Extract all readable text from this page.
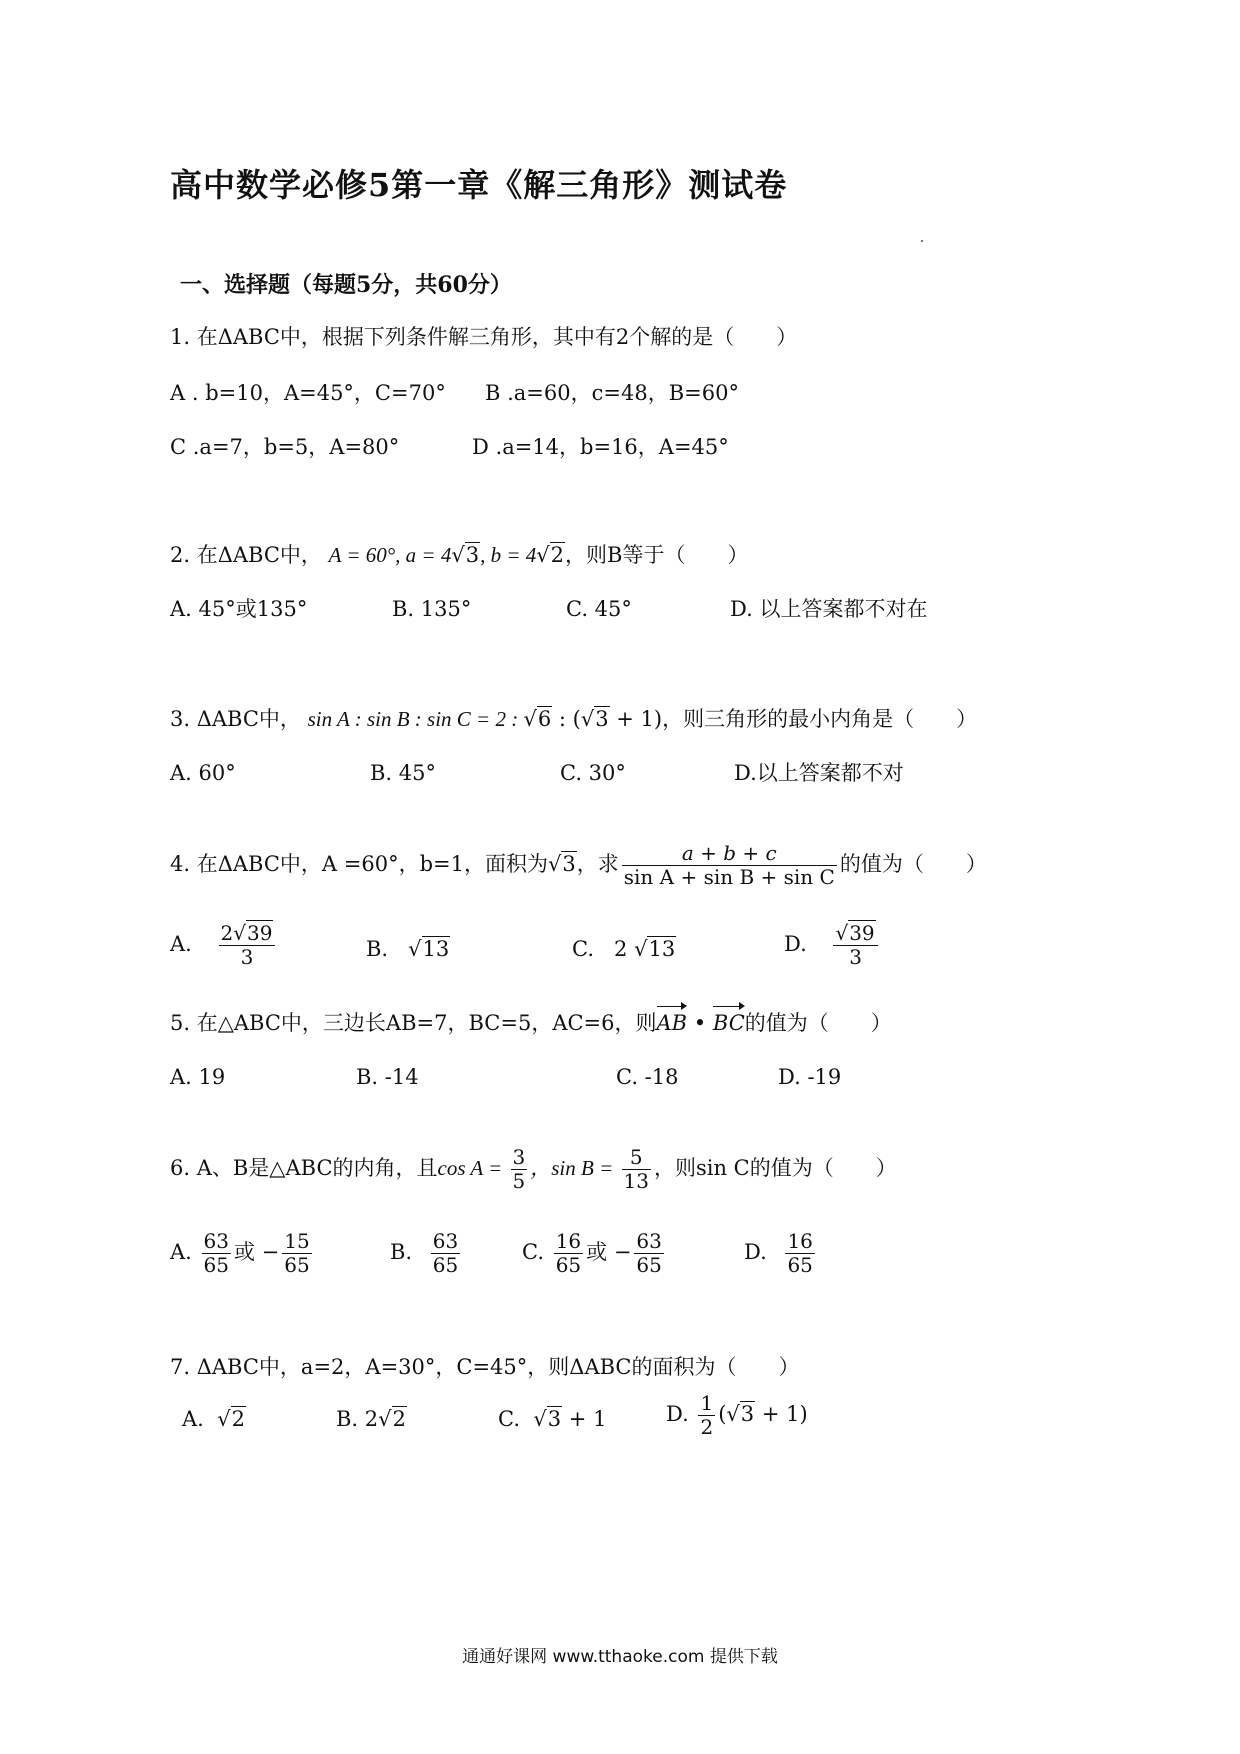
高中数学必修5第一章《解三角形》测试卷
一、选择题（每题5分，共60分）
1. 在ΔABC中，根据下列条件解三角形，其中有2个解的是（　　）
A . b=10，A=45°，C=70° B .a=60，c=48，B=60°
C .a=7，b=5，A=80°	D .a=14，b=16，A=45°
2. 在ΔABC中， A = 60°, a = 4√3, b = 4√2，则B等于（　　）
A. 45°或135°	B. 135°	C. 45°	D. 以上答案都不对在
3. ΔABC中， sin A : sin B : sin C = 2 : √6 : (√3 + 1)，则三角形的最小内角是（　　）
A. 60°	B. 45°	C. 30°	D.以上答案都不对
4. 在ΔABC中，A =60°，b=1，面积为√3，求 $\frac{a + b + c}{\text{sin A + sin B + sin C}}$ 的值为（　　）
A. $\frac{2√39}{3}$	B. √13	C. 2 √13	D. $\frac{√39}{3}$
5. 在△ABC中，三边长AB=7，BC=5，AC=6，则AB • BC的值为（　　）
A. 19	B. -14	C. -18	D. -19
6. A、B是△ABC的内角，且$\cos A = \frac{3}{5}$ ，$\sin B = \frac{5}{13}$ ，则sin C的值为（　　）
A. $\frac{63}{65}$ 或 − $\frac{15}{65}$	B. $\frac{63}{65}$	C. $\frac{16}{65}$ 或 − $\frac{63}{65}$	D. $\frac{16}{65}$
7. ΔABC中，a=2，A=30°，C=45°，则ΔABC的面积为（　　）
A. √2	B. 2√2	C. √3 + 1	D. $\frac{1}{2} (√3 + 1)$
通通好课网 www.tthaoke.com 提供下载
